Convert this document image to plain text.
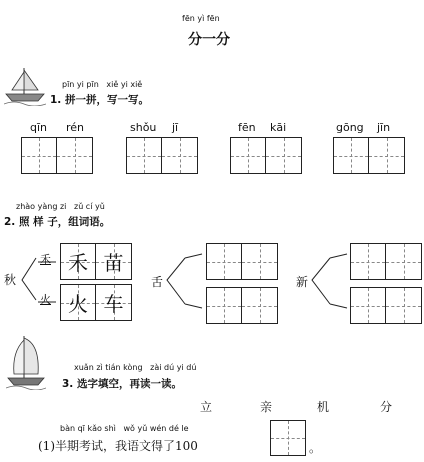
fēn yì fēn
分一分
pīn yi pīn   xiě yi xiě
1. 拼一拼，写一写。
qīn rén	shǒu jī	fēn kāi	gōng jīn
zhào yàng zi   zǔ cí yǔ
2. 照 样 子，组词语。
秋
禾
火
禾 苗
火 车
舌	新
xuǎn zì tián kòng   zài dú yi dú
3. 选字填空，再读一读。
立	亲	机	分
bàn qī kǎo shì   wǒ yǔ wén dé le
(1)半期考试，我语文得了100	。
